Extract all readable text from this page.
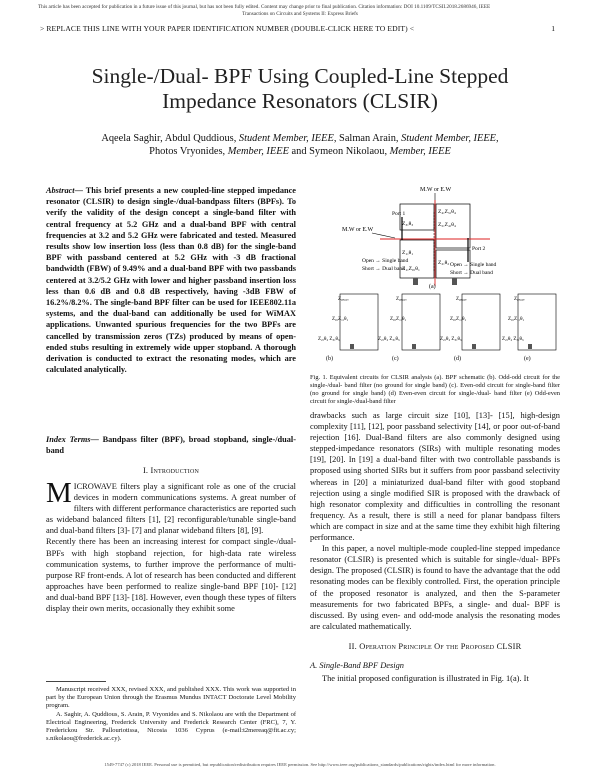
This article has been accepted for publication in a future issue of this journal, but has not been fully edited. Content may change prior to final publication. Citation information: DOI 10.1109/TCSII.2018.2686946, IEEE
Transactions on Circuits and Systems II: Express Briefs
> REPLACE THIS LINE WITH YOUR PAPER IDENTIFICATION NUMBER (DOUBLE-CLICK HERE TO EDIT) <	1
Single-/Dual- BPF Using Coupled-Line Stepped
Impedance Resonators (CLSIR)
Aqeela Saghir, Abdul Quddious, Student Member, IEEE, Salman Arain, Student Member, IEEE,
Photos Vryonides, Member, IEEE and Symeon Nikolaou, Member, IEEE
Abstract— This brief presents a new coupled-line stepped impedance resonator (CLSIR) to design single-/dual-bandpass filters (BPFs). To verify the validity of the design concept a single-band filter with central frequency at 5.2 GHz and a dual-band BPF with central frequencies at 3.2 and 5.2 GHz were fabricated and tested. Measured results show low insertion loss (less than 0.8 dB) for the single-band BPF with passband centered at 5.2 GHz with -3 dB fractional bandwidth (FBW) of 9.49% and a dual-band BPF with two passbands centered at 3.2/5.2 GHz with lower and higher passband insertion loss less than 0.6 dB and 0.8 dB respectively, having -3dB FBW of 16.2%/8.2%. The single-band BPF filter can be used for IEEE802.11a systems, and the dual-band can additionally be used for WiMAX applications. Unwanted spurious frequencies for the two BPFs are cancelled by transmission zeros (TZs) produced by means of open-ended stubs resulting in extremely wide upper stopband. A thorough derivation is conducted to extract the resonating modes, which are calculated analytically.
Index Terms— Bandpass filter (BPF), broad stopband, single-/dual-band
I. Introduction

MICROWAVE filters play a significant role as one of the crucial devices in modern communications systems. A great number of filters with different performance characteristics are reported such as wideband balanced filters [1], [2] reconfigurable/tunable single-band and dual-band filters [3]- [7] and planar wideband filters [8], [9].

Recently there has been an increasing interest for compact single-/dual- BPFs with high stopband rejection, for high-data rate wireless communication systems, to further improve the performance of multi-purpose RF front-ends. A lot of research has been conducted and different approaches have been performed to realize single-band BPF [10]- [12] and dual-band BPF [13]- [18]. However, even though these types of filters display their own merits, occasionally they exhibit some

Manuscript received XXX, revised XXX, and published XXX. This work was supported in part by the European Union through the Erasmus Mundus INTACT Doctorate Level Mobility program.

A. Saghir, A. Quddious, S. Arain, P. Vryonides and S. Nikolaou are with the Department of Electrical Engineering, Frederick University and Frederick Research Center (FRC), 7, Y. Frederickou Str. Pallouriotissa, Nicosia 1036 Cyprus (e-mail:t2mereaq@fit.ac.cy; s.nikolaou@frederick.ac.cy).

M.W or E.W
M.W or E.W
Z₄,Z₅,θ₄
Z₃,θ₃	Z₅,Z₄,θ₄
Z₁,θ₁
Z₁,Z₀,θ₁
Z₂,θ₂
Port 1
Port 2
Open → Single band
Short → Dual band
Open → Single band
Short → Dual band
(a)
Z₀ₑ,₀ₒ
Z₀,Z₁,θ₁
Z₂,θ₂ Z₃,θ₃
(b)
Z₀ₑ,₀ₒ
Z₀,Z₁,θ₁
Z₂,θ₂ Z₃,θ₃
(c)
Z₀ₑ,₀ₑ
Z₀,Z₁,θ₁
Z₂,θ₂ Z₃,θ₃
(d)
Z₀ₑ,₀ₑ
Z₀,Z₁,θ₁
Z₂,θ₂ Z₃,θ₃
(e)
Fig. 1. Equivalent circuits for CLSIR analysis (a). BPF schematic (b). Odd-odd circuit for the single-/dual- band filter (no ground for single band) (c). Even-odd circuit for single-band filter (no ground for single band) (d) Even-even circuit for single-/dual- band filter (e) Odd-even circuit for single-/dual-band filter

drawbacks such as large circuit size [10], [13]- [15], high-design complexity [11], [12], poor passband selectivity [14], or poor out-of-band rejection [16]. Dual-Band filters are also commonly designed using stepped-impedance resonators (SIRs) with multiple resonating modes [19], [20]. In [19] a dual-band filter with two controllable passbands is proposed using shorted SIRs but it suffers from poor passband selectivity whereas in [20] a miniaturized dual-band filter with good stopband rejection using a single modified SIR is proposed with the drawback of high resonator complexity and difficulties in controlling the resonant frequency. As a result, there is still a need for planar bandpass filters which are compact in size and at the same time they exhibit high filtering performance.

In this paper, a novel multiple-mode coupled-line stepped impedance resonator (CLSIR) is presented which is suitable for single-/dual- BPFs design. The proposed (CLSIR) is found to have the advantage that the odd resonating modes can be flexibly controlled. First, the operation principle of the proposed resonator is analyzed, and then the S-parameter measurements for two fabricated BPFs, a single- and dual- BPF is discussed. By using even- and odd-mode analysis the resonating modes are calculated mathematically.

II. Operation Principle Of the Proposed CLSIR
A. Single-Band BPF Design

The initial proposed configuration is illustrated in Fig. 1(a). It

1549-7747 (c) 2018 IEEE. Personal use is permitted, but republication/redistribution requires IEEE permission. See http://www.ieee.org/publications_standards/publications/rights/index.html for more information.
